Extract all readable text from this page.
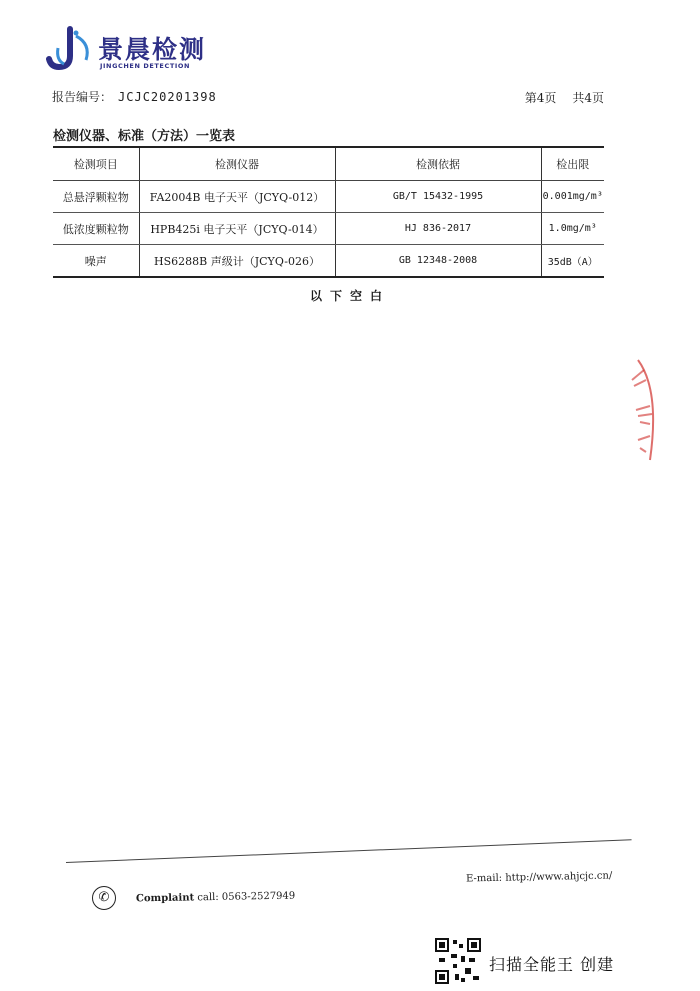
景晨检测
JINGCHEN DETECTION
报告编号： JCJC20201398	第4页 共4页
检测仪器、标准（方法）一览表
检测项目	检测仪器	检测依据	检出限
总悬浮颗粒物	FA2004B 电子天平（JCYQ-012）	GB/T 15432-1995	0.001mg/m³
低浓度颗粒物	HPB425i 电子天平（JCYQ-014）	HJ 836-2017	1.0mg/m³
噪声	HS6288B 声级计（JCYQ-026）	GB 12348-2008	35dB（A）
以下空白
E-mail: http://www.ahjcjc.cn/
✆	Complaint call: 0563-2527949
扫描全能王 创建
